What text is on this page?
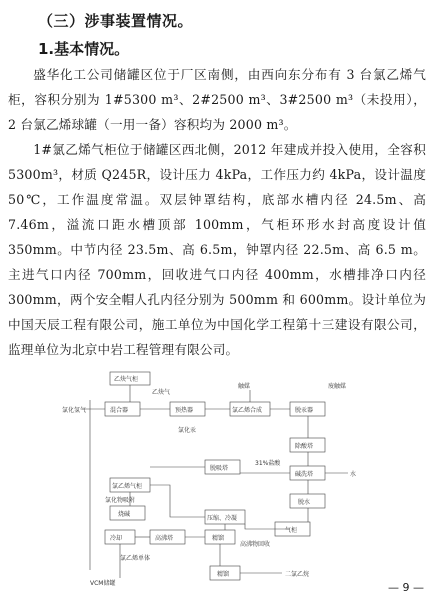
（三）涉事装置情况。
1.基本情况。
盛华化工公司储罐区位于厂区南侧，由西向东分布有 3 台氯乙烯气柜，容积分别为 1#5300 m³、2#2500 m³、3#2500 m³（未投用），2 台氯乙烯球罐（一用一备）容积均为 2000 m³。
1#氯乙烯气柜位于储罐区西北侧，2012 年建成并投入使用，全容积 5300m³，材质 Q245R，设计压力 4kPa，工作压力约 4kPa，设计温度 50℃，工作温度常温。双层钟罩结构，底部水槽内径 24.5m、高 7.46m，溢流口距水槽顶部 100mm，气柜环形水封高度设计值 350mm。中节内径 23.5m、高 6.5m，钟罩内径 22.5m、高 6.5 m。主进气口内径 700mm，回收进气口内径 400mm，水槽排净口内径 300mm，两个安全帽人孔内径分别为 500mm 和 600mm。设计单位为中国天辰工程有限公司，施工单位为中国化学工程第十三建设有限公司，监理单位为北京中岩工程管理有限公司。
乙炔气柜
乙炔气
氯化氢气	混合器	预热器	氯乙烯合成
触媒
脱汞器
废触媒
氯化汞
除酸塔
脱吸塔
31%盐酸
碱洗塔	水
氯乙烯气柜
氯化物吸附
烧碱
脱水
压缩、冷凝
气柜
冷却	高沸塔	精馏
高沸物回收
精馏	二氯乙烷
氯乙烯单体
VCM储罐	— 9 —
